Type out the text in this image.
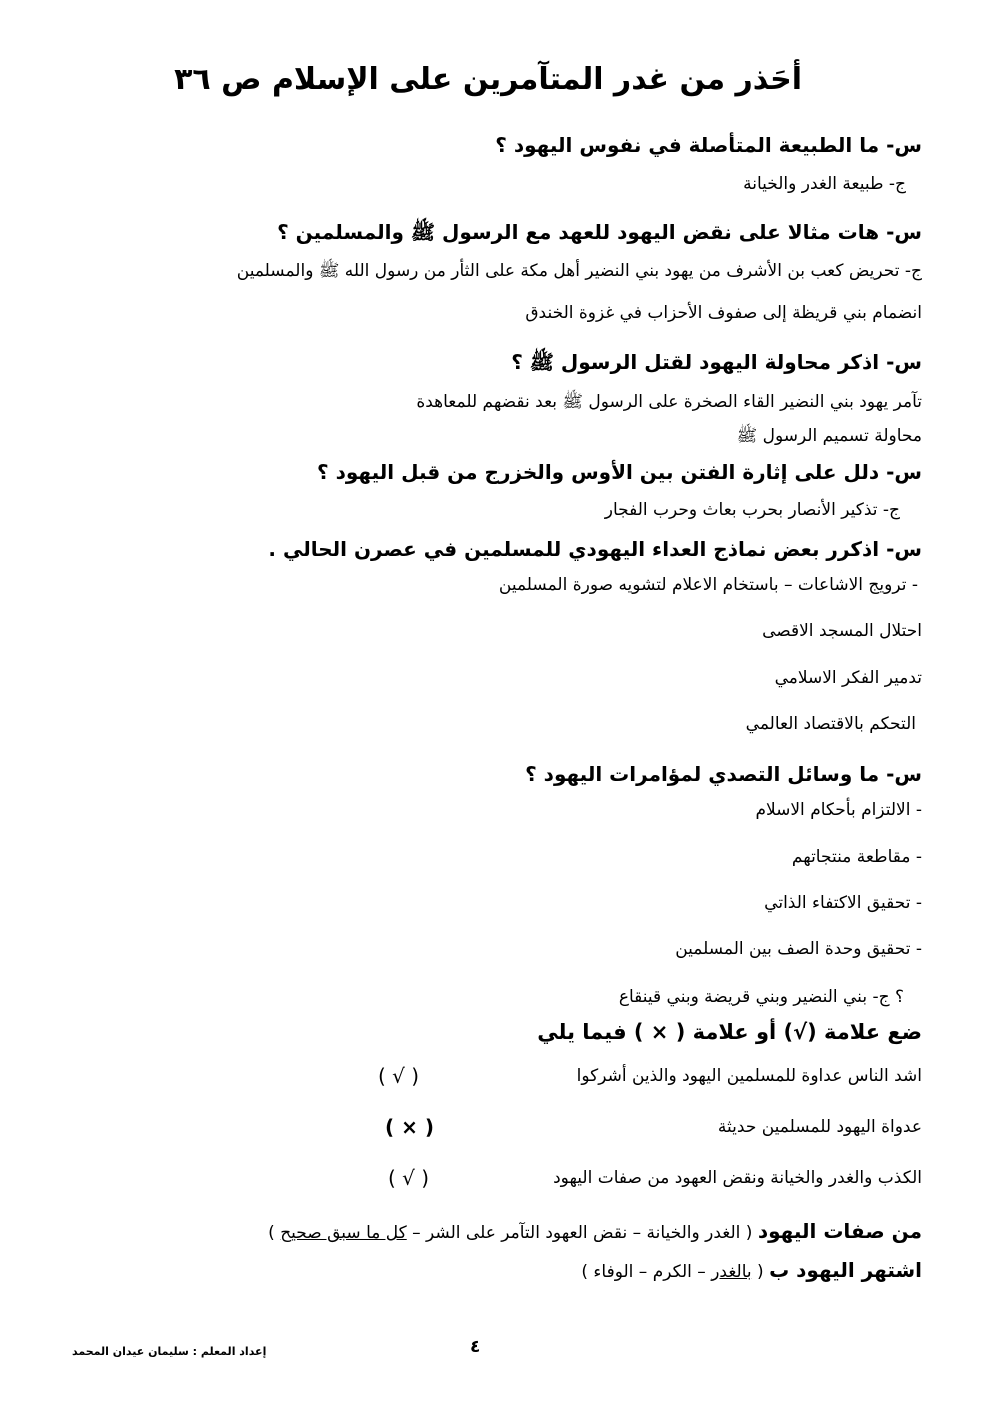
أحَذر من غدر المتآمرين على الإسلام ص ٣٦
س- ما الطبيعة المتأصلة في نفوس اليهود ؟
ج- طبيعة الغدر والخيانة
س- هات مثالا على نقض اليهود للعهد مع الرسول ﷺ والمسلمين ؟
ج- تحريض كعب بن الأشرف من يهود بني النضير أهل مكة على الثأر من رسول الله ﷺ والمسلمين
انضمام بني قريظة إلى صفوف الأحزاب في غزوة الخندق
س- اذكر محاولة اليهود لقتل الرسول ﷺ ؟
تآمر يهود بني النضير القاء الصخرة على الرسول ﷺ بعد نقضهم للمعاهدة
محاولة تسميم الرسول ﷺ
س- دلل على إثارة الفتن بين الأوس والخزرج من قبل اليهود ؟
ج- تذكير الأنصار بحرب بعاث وحرب الفجار
س- اذكرر بعض نماذج العداء اليهودي للمسلمين في عصرن الحالي .
- ترويج الاشاعات – باستخام الاعلام لتشويه صورة المسلمين
احتلال المسجد الاقصى
تدمير الفكر الاسلامي
التحكم بالاقتصاد العالمي
س- ما وسائل التصدي لمؤامرات اليهود ؟
- الالتزام بأحكام الاسلام
- مقاطعة منتجاتهم
- تحقيق الاكتفاء الذاتي
- تحقيق وحدة الصف بين المسلمين
؟ ج- بني النضير وبني قريضة وبني قينقاع
ضع علامة (√) أو علامة ( × ) فيما يلي
اشد الناس عداوة للمسلمين اليهود والذين أشركوا
( √ )
عدواة اليهود للمسلمين حديثة
( × )
الكذب والغدر والخيانة ونقض العهود من صفات اليهود
( √ )
من صفات اليهود ( الغدر والخيانة – نقض العهود التآمر على الشر – كل ما سبق صحيح )
اشتهر اليهود ب ( بالغدر – الكرم – الوفاء )
٤
إعداد المعلم : سليمان عيدان المحمد
